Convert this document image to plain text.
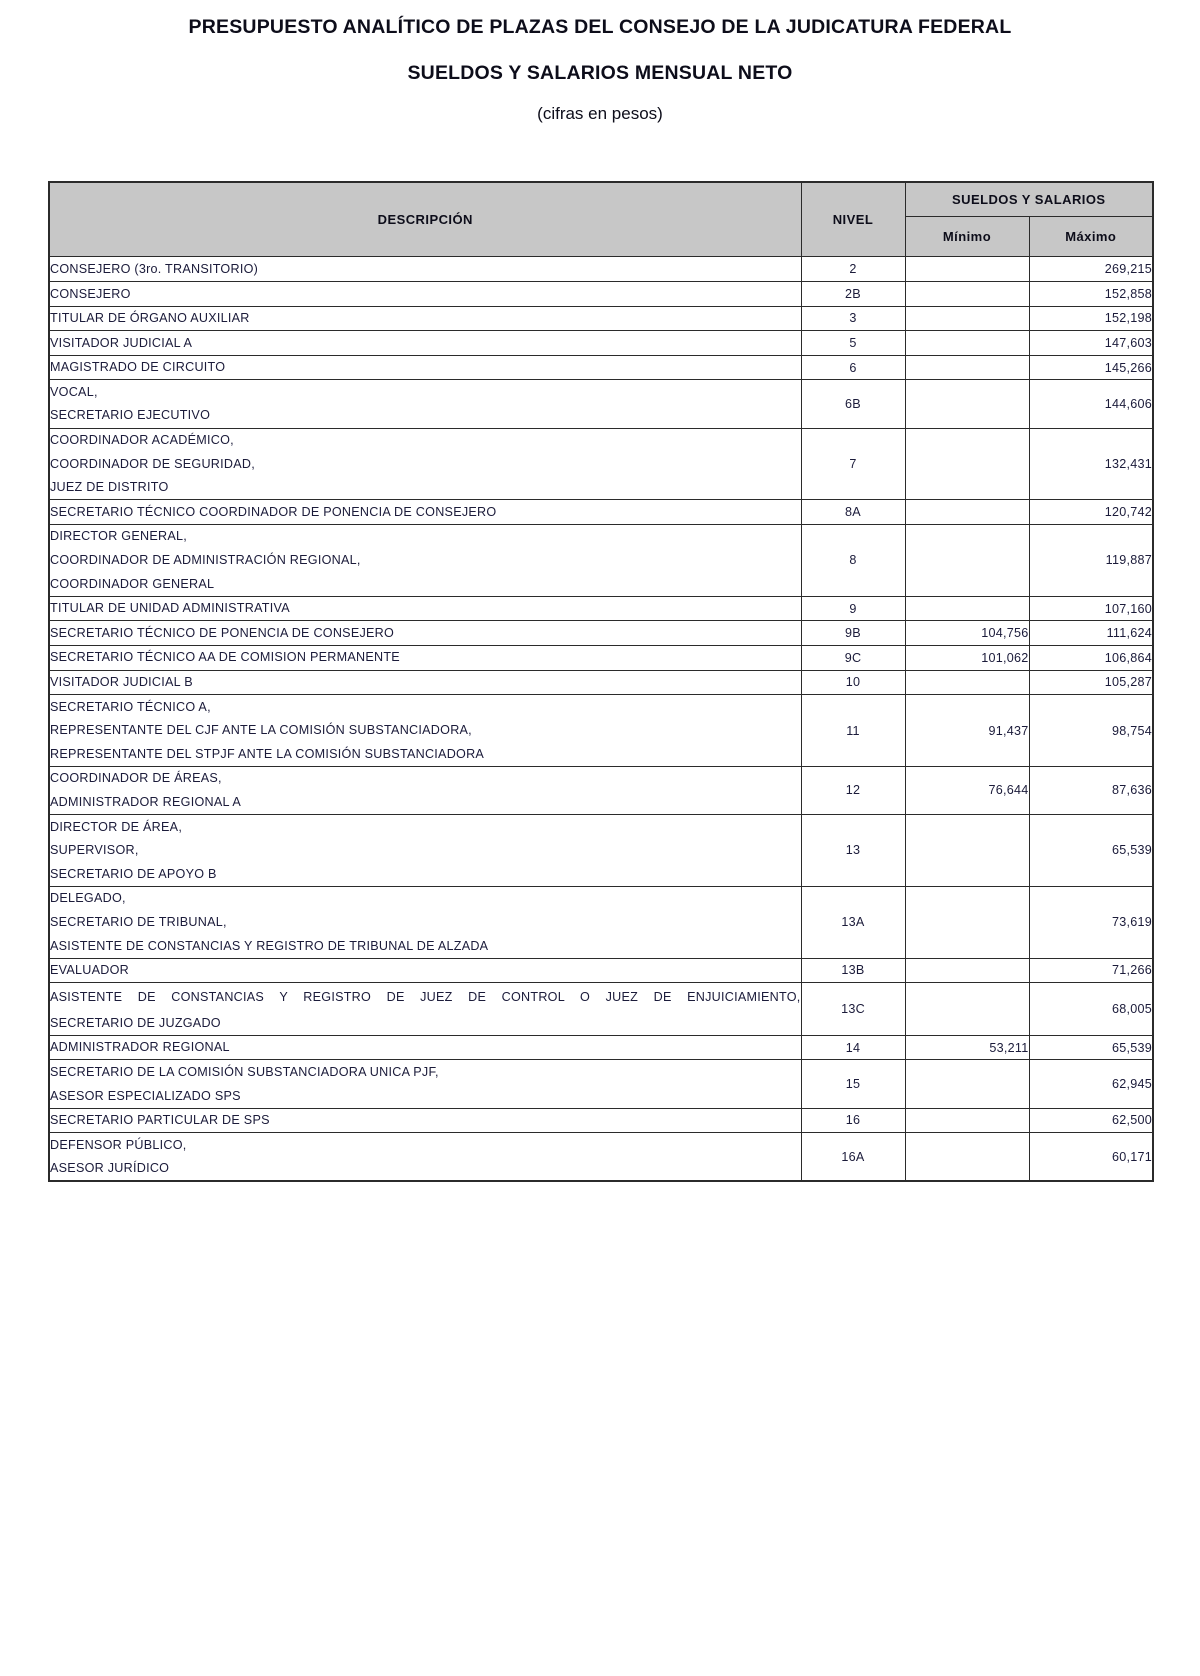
PRESUPUESTO ANALÍTICO DE PLAZAS DEL CONSEJO DE LA JUDICATURA FEDERAL
SUELDOS Y SALARIOS MENSUAL NETO

(cifras en pesos)

DESCRIPCIÓN	NIVEL	SUELDOS Y SALARIOS	
		Mínimo	Máximo

CONSEJERO (3ro. TRANSITORIO)	2		269,215

CONSEJERO	2B		152,858

TITULAR DE ÓRGANO AUXILIAR	3		152,198

VISITADOR JUDICIAL A	5		147,603

MAGISTRADO DE CIRCUITO	6		145,266

VOCAL,
SECRETARIO EJECUTIVO	6B		144,606

COORDINADOR ACADÉMICO,
COORDINADOR DE SEGURIDAD,
JUEZ DE DISTRITO	7		132,431

SECRETARIO TÉCNICO COORDINADOR DE PONENCIA DE CONSEJERO	8A		120,742

DIRECTOR GENERAL,
COORDINADOR DE ADMINISTRACIÓN REGIONAL,
COORDINADOR GENERAL	8		119,887

TITULAR DE UNIDAD ADMINISTRATIVA	9		107,160

SECRETARIO TÉCNICO DE PONENCIA DE CONSEJERO	9B	104,756	111,624

SECRETARIO TÉCNICO AA DE COMISION PERMANENTE	9C	101,062	106,864

VISITADOR JUDICIAL B	10		105,287

SECRETARIO TÉCNICO A,
REPRESENTANTE DEL CJF ANTE LA COMISIÓN SUBSTANCIADORA,
REPRESENTANTE DEL STPJF ANTE LA COMISIÓN SUBSTANCIADORA	11	91,437	98,754

COORDINADOR DE ÁREAS,
ADMINISTRADOR REGIONAL A	12	76,644	87,636

DIRECTOR DE ÁREA,
SUPERVISOR,
SECRETARIO DE APOYO B	13		65,539

DELEGADO,
SECRETARIO DE TRIBUNAL,
ASISTENTE DE CONSTANCIAS Y REGISTRO DE TRIBUNAL DE ALZADA	13A		73,619

EVALUADOR	13B		71,266

ASISTENTE DE CONSTANCIAS Y REGISTRO DE JUEZ DE CONTROL O JUEZ DE ENJUICIAMIENTO,
SECRETARIO DE JUZGADO	13C		68,005

ADMINISTRADOR REGIONAL	14	53,211	65,539

SECRETARIO DE LA COMISIÓN SUBSTANCIADORA UNICA PJF,
ASESOR ESPECIALIZADO SPS	15		62,945

SECRETARIO PARTICULAR DE SPS	16		62,500

DEFENSOR PÚBLICO,
ASESOR JURÍDICO	16A		60,171
